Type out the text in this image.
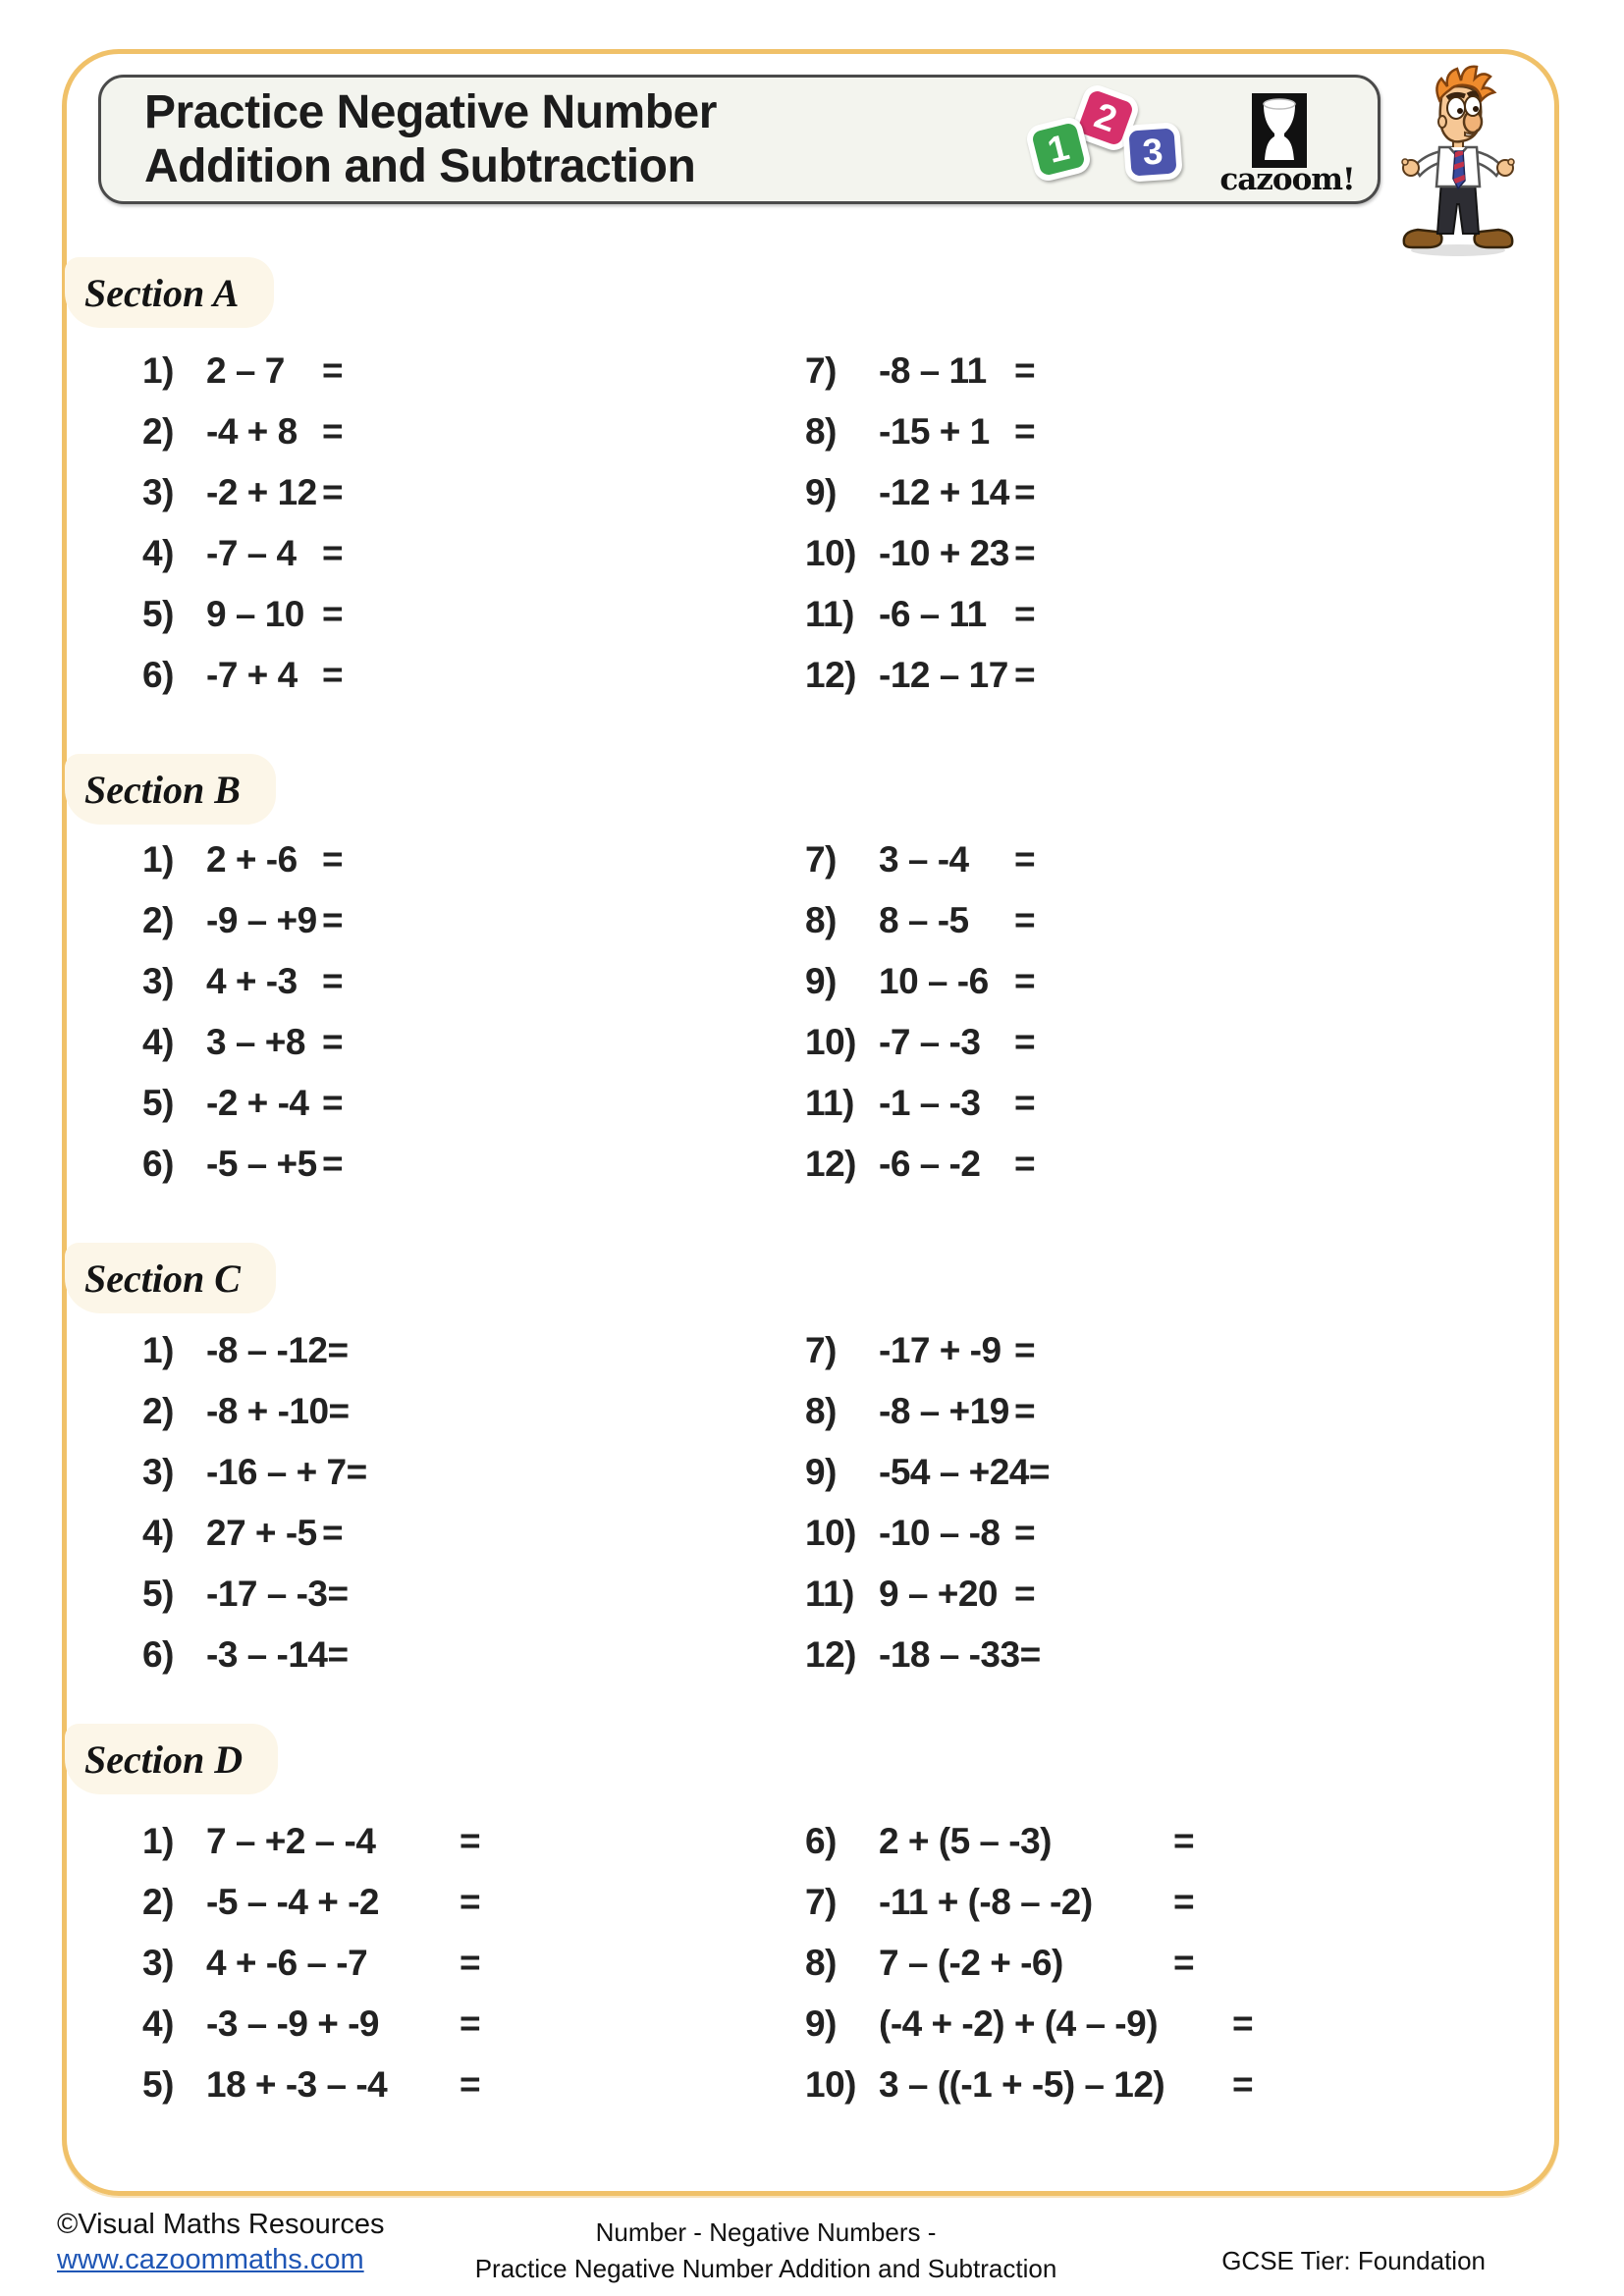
Practice Negative Number
Addition and Subtraction
2
1 3
cazoom!
Section A
Section B
Section C
Section D
1) 2 – 7	=
2) -4 + 8 =
3) -2 + 12 =
4) -7 – 4 =
5) 9 – 10 =
6) -7 + 4 =
7)	-8 – 11 =
8)	-15 + 1 =
9)	-12 + 14 =
10) -10 + 23 =
11) -6 – 11 =
12) -12 – 17 =
1) 2 + -6 =
2) -9 – +9 =
3) 4 + -3 =
4) 3 – +8 =
5) -2 + -4 =
6) -5 – +5 =
7)	3 – -4	=
8)	8 – -5	=
9)	10 – -6 =
10) -7 – -3 =
11) -1 – -3 =
12) -6 – -2 =
1) -8 – -12 =
2) -8 + -10 =
3) -16 – + 7 =
4) 27 + -5 =
5) -17 – -3 =
6) -3 – -14 =
7)	-17 + -9 =
8)	-8 – +19 =
9)	-54 – +24 =
10) -10 – -8 =
11) 9 – +20 =
12) -18 – -33 =
1) 7 – +2 – -4	=
2) -5 – -4 + -2	=
3) 4 + -6 – -7	=
4) -3 – -9 + -9	=
5) 18 + -3 – -4	=
6)	2 + (5 – -3)	=
7)	-11 + (-8 – -2)	=
8)	7 – (-2 + -6)	=
9)	(-4 + -2) + (4 – -9)	=
10) 3 – ((-1 + -5) – 12)	=
©Visual Maths Resources
www.cazoommaths.com
Number - Negative Numbers -
Practice Negative Number Addition and Subtraction	GCSE Tier: Foundation
